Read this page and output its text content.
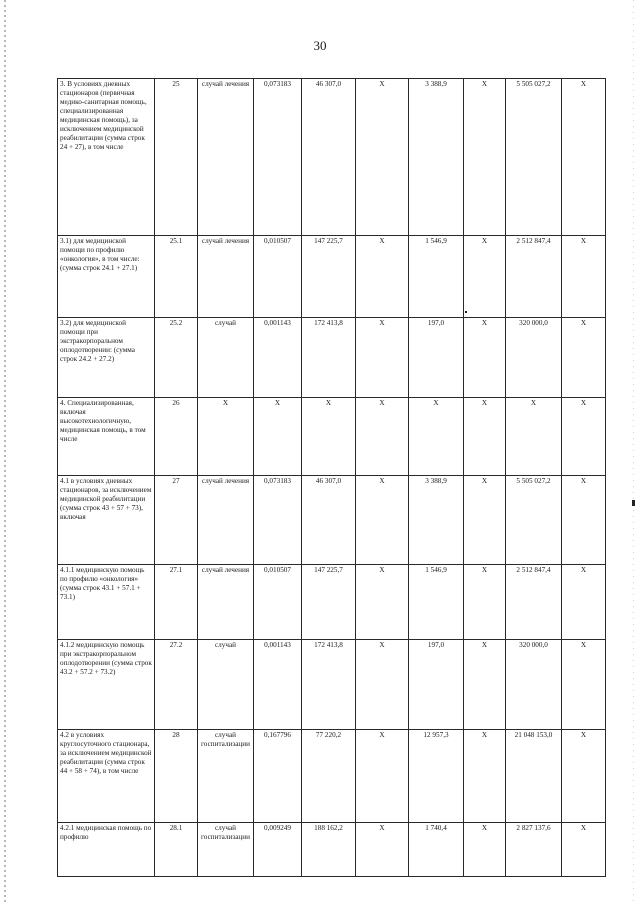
30
3. В условиях дневных стационаров (первичная медико-санитарная помощь, специализированная медицинская помощь), за исключением медицинской реабилитации (сумма строк 24 + 27), в том числе	25	случай лечения	0,073183	46 307,0	X	3 388,9	X	5 505 027,2	X
3.1) для медицинской помощи по профилю «онкология», в том числе: (сумма строк 24.1 + 27.1)	25.1	случай лечения	0,010507	147 225,7	X	1 546,9	X	2 512 847,4	X
3.2) для медицинской помощи при экстракорпоральном оплодотворении: (сумма строк 24.2 + 27.2)	25.2	случай	0,001143	172 413,8	X	197,0	X	320 000,0	X
4. Специализированная, включая высокотехнологичную, медицинская помощь, в том числе	26	X	X	X	X	X	X	X	X
4.1 в условиях дневных стационаров, за исключением медицинской реабилитации (сумма строк 43 + 57 + 73), включая	27	случай лечения	0,073183	46 307,0	X	3 388,9	X	5 505 027,2	X
4.1.1 медицинскую помощь по профилю «онкология» (сумма строк 43.1 + 57.1 + 73.1)	27.1	случай лечения	0,010507	147 225,7	X	1 546,9	X	2 512 847,4	X
4.1.2 медицинскую помощь при экстракорпоральном оплодотворении (сумма строк 43.2 + 57.2 + 73.2)	27.2	случай	0,001143	172 413,8	X	197,0	X	320 000,0	X
4.2 в условиях круглосуточного стационара, за исключением медицинской реабилитации (сумма строк 44 + 58 + 74), в том числе	28	случай госпитализации	0,167796	77 220,2	X	12 957,3	X	21 048 153,0	X
4.2.1 медицинская помощь по профилю	28.1	случай госпитализации	0,009249	188 162,2	X	1 740,4	X	2 827 137,6	X
